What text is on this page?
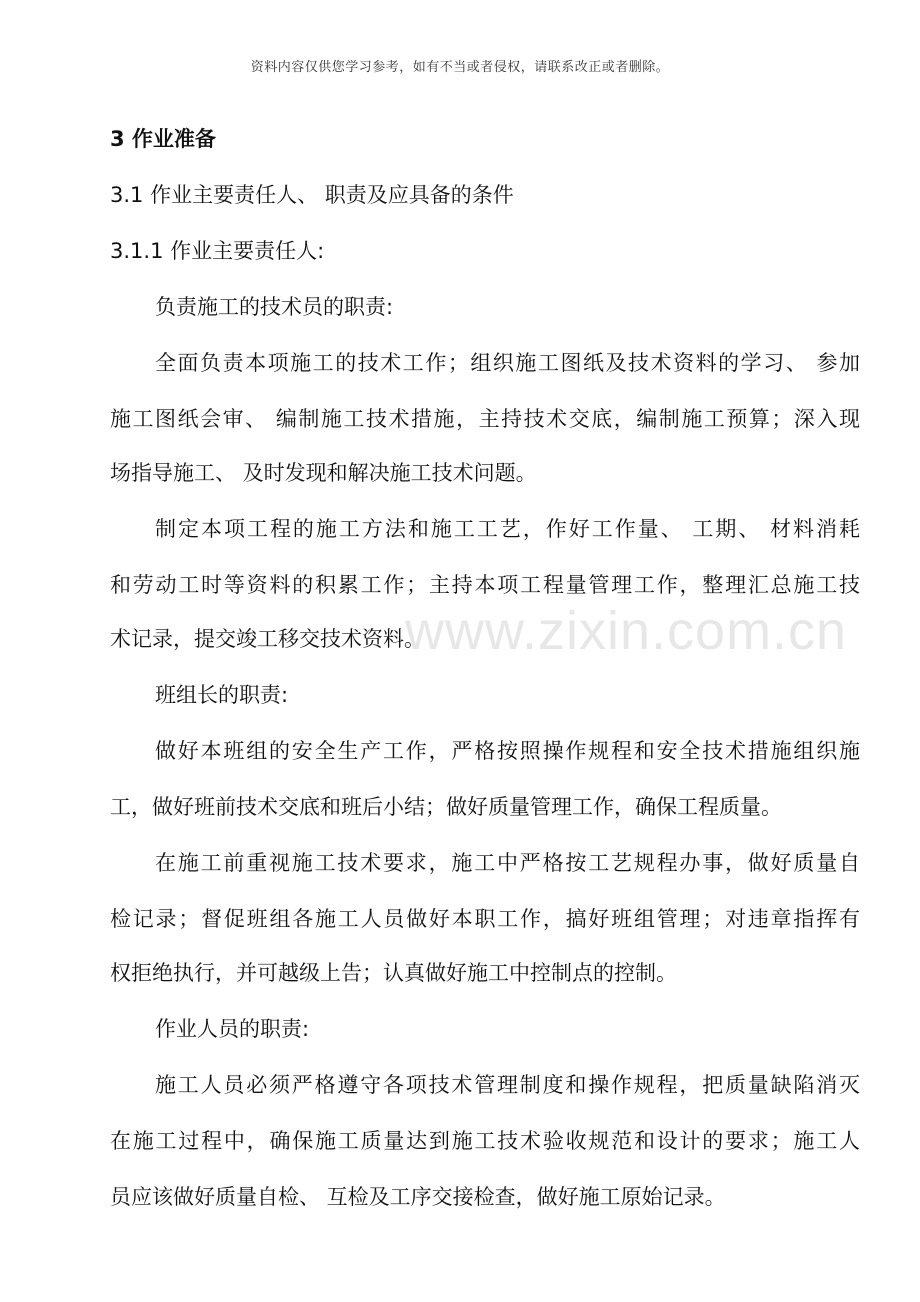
资料内容仅供您学习参考，如有不当或者侵权，请联系改正或者删除。
www.zixin.com.cn
3 作业准备
3.1 作业主要责任人、 职责及应具备的条件
3.1.1 作业主要责任人:
负责施工的技术员的职责:
全面负责本项施工的技术工作；组织施工图纸及技术资料的学习、 参加
施工图纸会审、 编制施工技术措施，主持技术交底，编制施工预算；深入现
场指导施工、 及时发现和解决施工技术问题。
制定本项工程的施工方法和施工工艺，作好工作量、 工期、 材料消耗
和劳动工时等资料的积累工作；主持本项工程量管理工作，整理汇总施工技
术记录，提交竣工移交技术资料。
班组长的职责:
做好本班组的安全生产工作，严格按照操作规程和安全技术措施组织施
工，做好班前技术交底和班后小结；做好质量管理工作，确保工程质量。
在施工前重视施工技术要求，施工中严格按工艺规程办事，做好质量自
检记录；督促班组各施工人员做好本职工作，搞好班组管理；对违章指挥有
权拒绝执行，并可越级上告；认真做好施工中控制点的控制。
作业人员的职责:
施工人员必须严格遵守各项技术管理制度和操作规程，把质量缺陷消灭
在施工过程中，确保施工质量达到施工技术验收规范和设计的要求；施工人
员应该做好质量自检、 互检及工序交接检查，做好施工原始记录。
